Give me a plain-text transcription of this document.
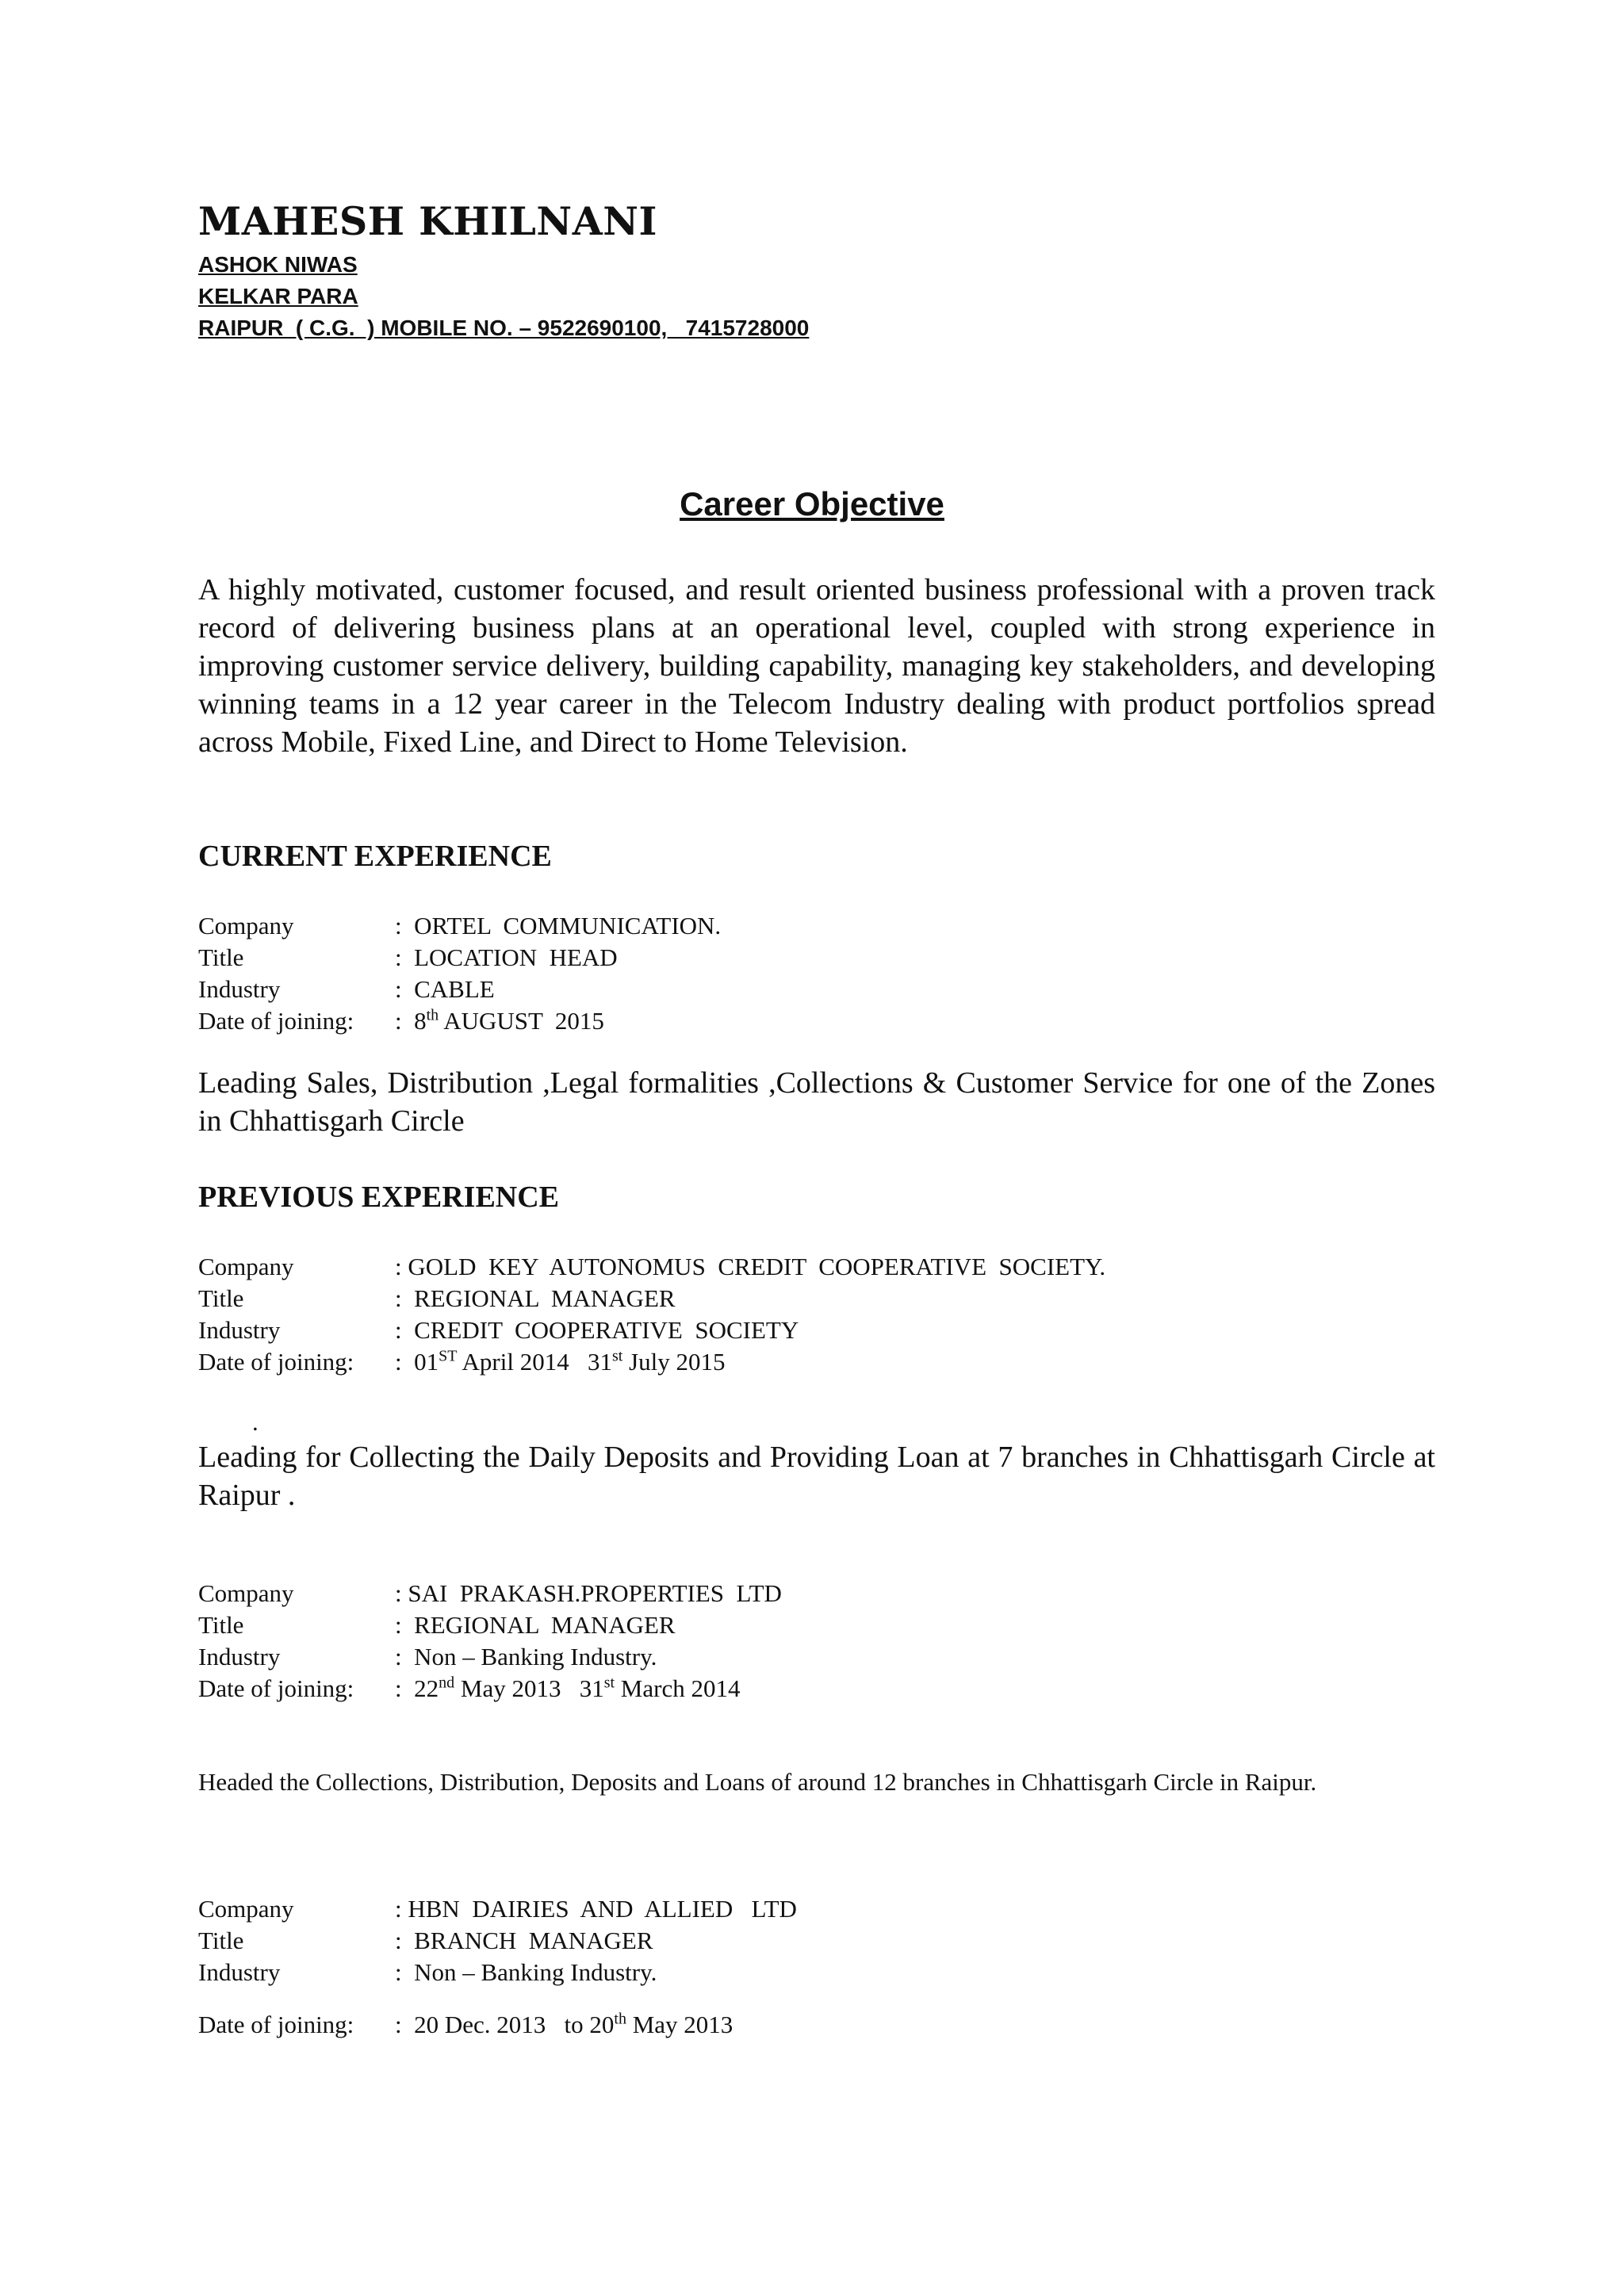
MAHESH KHILNANI
ASHOK NIWAS
KELKAR PARA
RAIPUR  ( C.G.  ) MOBILE NO. – 9522690100,   7415728000
Career Objective
A highly motivated, customer focused, and result oriented business professional with a proven track record of delivering business plans at an operational level, coupled with strong experience in improving customer service delivery, building capability, managing key stakeholders, and developing winning teams in a 12 year career in the Telecom Industry dealing with product portfolios spread across Mobile, Fixed Line, and Direct to Home Television.
CURRENT EXPERIENCE
Company	:  ORTEL  COMMUNICATION.
Title	:  LOCATION  HEAD
Industry	:  CABLE
Date of joining:	:  8th AUGUST  2015
Leading Sales, Distribution ,Legal formalities ,Collections & Customer Service for one of the Zones in Chhattisgarh Circle
PREVIOUS EXPERIENCE
Company	: GOLD  KEY  AUTONOMUS  CREDIT  COOPERATIVE  SOCIETY.
Title	:  REGIONAL  MANAGER
Industry	:  CREDIT  COOPERATIVE  SOCIETY
Date of joining:	:  01ST April 2014   31st July 2015
.
Leading for Collecting the Daily Deposits and Providing Loan at 7 branches in Chhattisgarh Circle at Raipur .
Company	: SAI  PRAKASH.PROPERTIES  LTD
Title	:  REGIONAL  MANAGER
Industry	:  Non – Banking Industry.
Date of joining:	:  22nd May 2013   31st March 2014
Headed the Collections, Distribution, Deposits and Loans of around 12 branches in Chhattisgarh Circle in Raipur.
Company	: HBN  DAIRIES  AND  ALLIED   LTD
Title	:  BRANCH  MANAGER
Industry	:  Non – Banking Industry.
Date of joining:	:  20 Dec. 2013   to 20th May 2013
